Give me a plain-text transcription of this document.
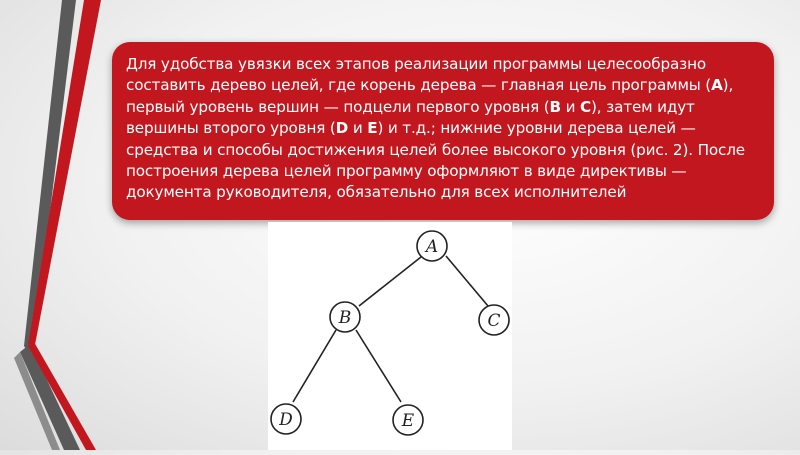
Для удобства увязки всех этапов реализации программы целесообразно составить дерево целей, где корень дерева — главная цель программы (A), первый уровень вершин — подцели первого уровня (B и C), затем идут вершины второго уровня (D и E) и т.д.; нижние уровни дерева целей — средства и способы достижения целей более высокого уровня (рис. 2). После построения дерева целей программу оформляют в виде директивы — документа руководителя, обязательно для всех исполнителей

A
B	C
D	E
